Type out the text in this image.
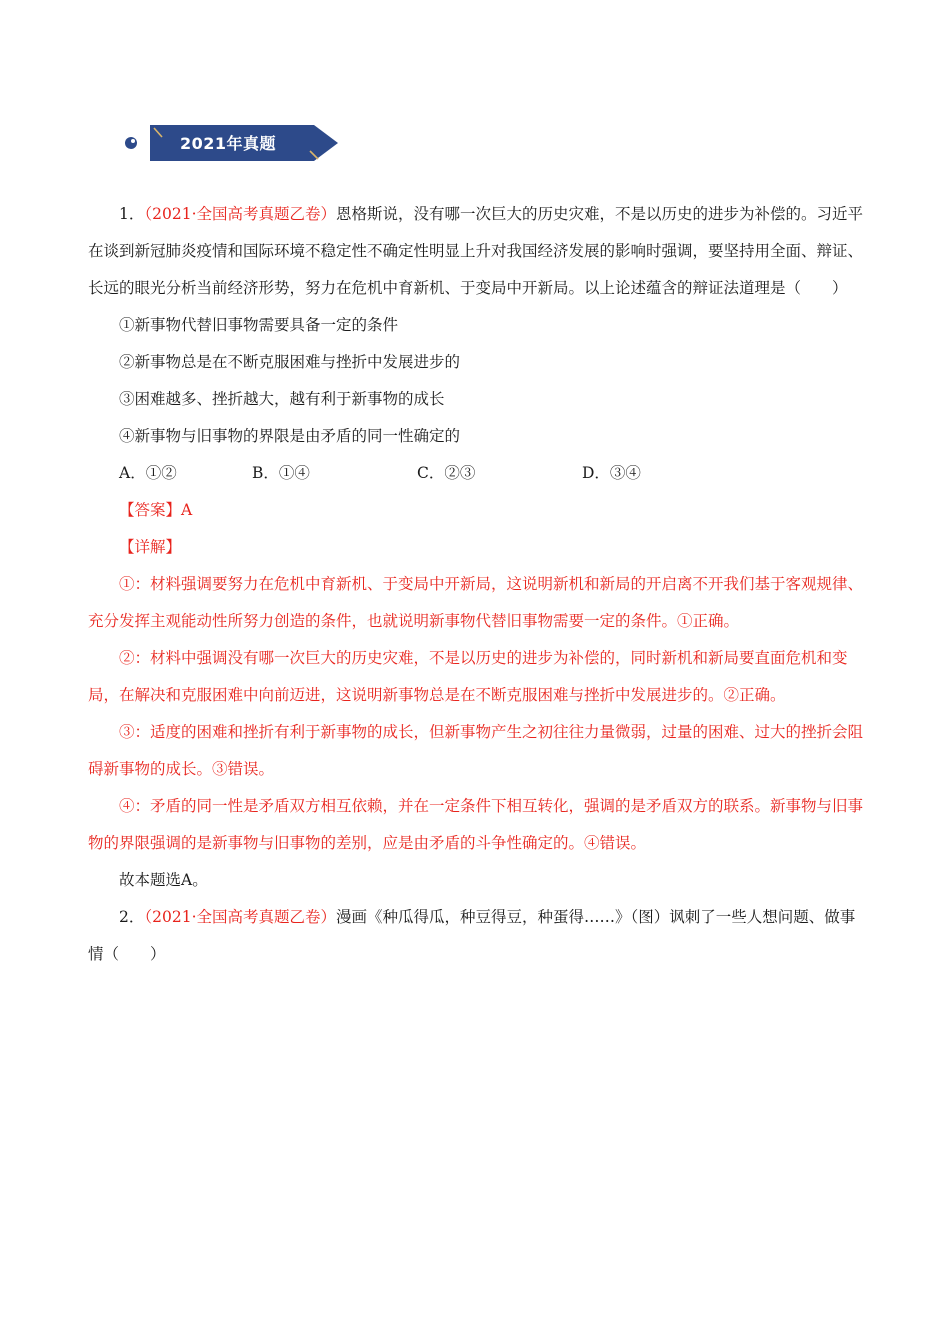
2021年真题
1．（2021·全国高考真题乙卷）恩格斯说，没有哪一次巨大的历史灾难，不是以历史的进步为补偿的。习近平在谈到新冠肺炎疫情和国际环境不稳定性不确定性明显上升对我国经济发展的影响时强调，要坚持用全面、辩证、长远的眼光分析当前经济形势，努力在危机中育新机、于变局中开新局。以上论述蕴含的辩证法道理是（　　）
①新事物代替旧事物需要具备一定的条件
②新事物总是在不断克服困难与挫折中发展进步的
③困难越多、挫折越大，越有利于新事物的成长
④新事物与旧事物的界限是由矛盾的同一性确定的
A．①②	B．①④	C．②③	D．③④
【答案】A
【详解】
①：材料强调要努力在危机中育新机、于变局中开新局，这说明新机和新局的开启离不开我们基于客观规律、充分发挥主观能动性所努力创造的条件，也就说明新事物代替旧事物需要一定的条件。①正确。
②：材料中强调没有哪一次巨大的历史灾难，不是以历史的进步为补偿的，同时新机和新局要直面危机和变局，在解决和克服困难中向前迈进，这说明新事物总是在不断克服困难与挫折中发展进步的。②正确。
③：适度的困难和挫折有利于新事物的成长，但新事物产生之初往往力量微弱，过量的困难、过大的挫折会阻碍新事物的成长。③错误。
④：矛盾的同一性是矛盾双方相互依赖，并在一定条件下相互转化，强调的是矛盾双方的联系。新事物与旧事物的界限强调的是新事物与旧事物的差别，应是由矛盾的斗争性确定的。④错误。
故本题选A。
2．（2021·全国高考真题乙卷）漫画《种瓜得瓜，种豆得豆，种蛋得……》（图）讽刺了一些人想问题、做事情（　　）
